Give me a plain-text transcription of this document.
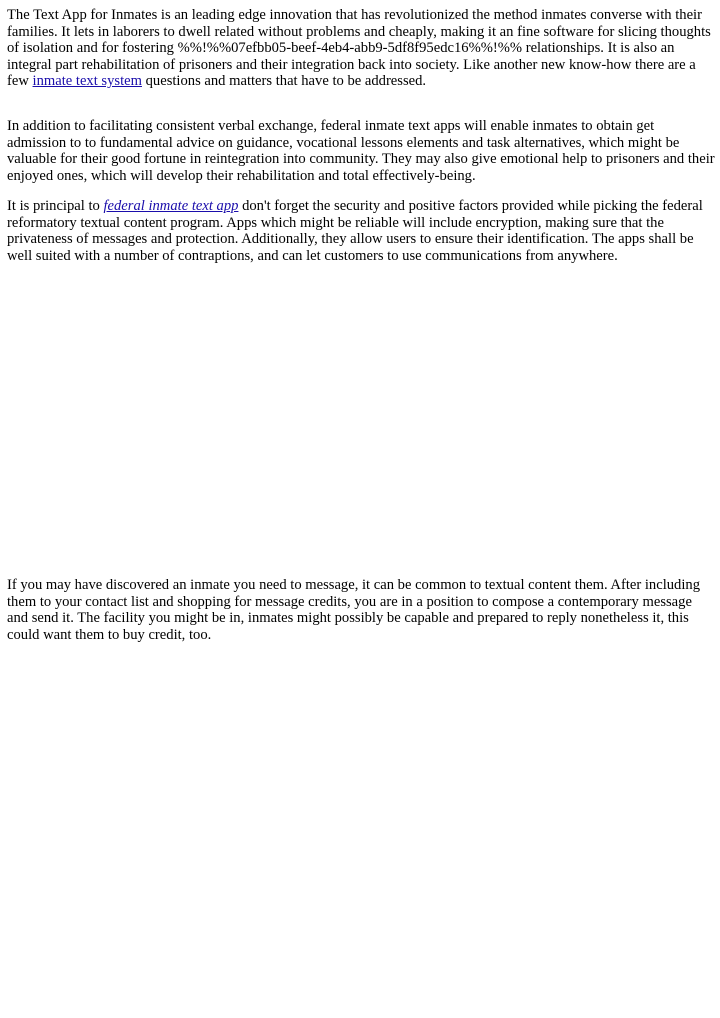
The Text App for Inmates is an leading edge innovation that has revolutionized the method inmates converse with their families. It lets in laborers to dwell related without problems and cheaply, making it an fine software for slicing thoughts of isolation and for fostering %%!%%07efbb05-beef-4eb4-abb9-5df8f95edc16%%!%% relationships. It is also an integral part rehabilitation of prisoners and their integration back into society. Like another new know-how there are a few inmate text system questions and matters that have to be addressed.

In addition to facilitating consistent verbal exchange, federal inmate text apps will enable inmates to obtain get admission to to fundamental advice on guidance, vocational lessons elements and task alternatives, which might be valuable for their good fortune in reintegration into community. They may also give emotional help to prisoners and their enjoyed ones, which will develop their rehabilitation and total effectively-being.

It is principal to federal inmate text app don't forget the security and positive factors provided while picking the federal reformatory textual content program. Apps which might be reliable will include encryption, making sure that the privateness of messages and protection. Additionally, they allow users to ensure their identification. The apps shall be well suited with a number of contraptions, and can let customers to use communications from anywhere.

If you may have discovered an inmate you need to message, it can be common to textual content them. After including them to your contact list and shopping for message credits, you are in a position to compose a contemporary message and send it. The facility you might be in, inmates might possibly be capable and prepared to reply nonetheless it, this could want them to buy credit, too.
